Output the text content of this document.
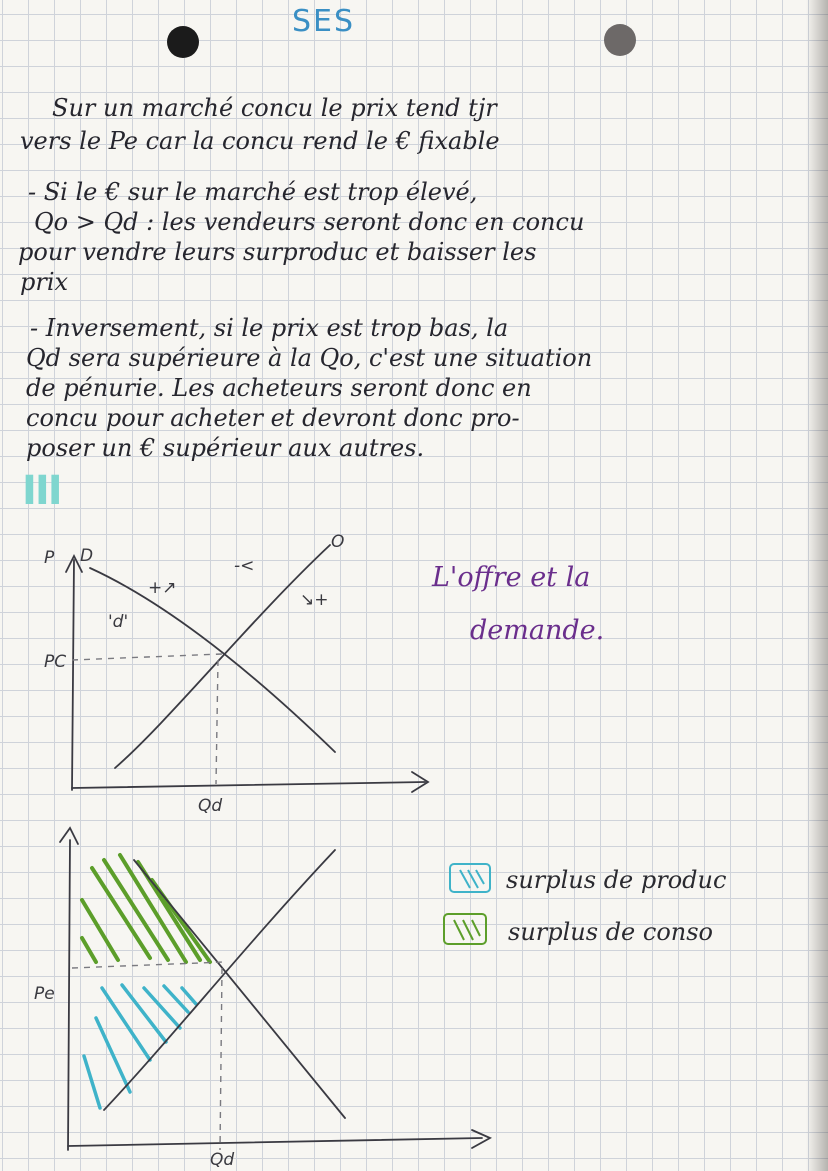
SES
Sur un marché concu le prix tend tjr
vers le Pe car la concu rend le € fixable
- Si le € sur le marché est trop élevé,
Qo > Qd : les vendeurs seront donc en concu
pour vendre leurs surproduc et baisser les
prix
- Inversement, si le prix est trop bas, la
Qd sera supérieure à la Qo, c'est une situation
de pénurie. Les acheteurs seront donc en
concu pour acheter et devront donc pro-
poser un € supérieur aux autres.
III
P D
O
PC
Qd
+↗
-<
↘+
'd'
L'offre et la
demande.
Pe
Qd
surplus de produc
surplus de conso
